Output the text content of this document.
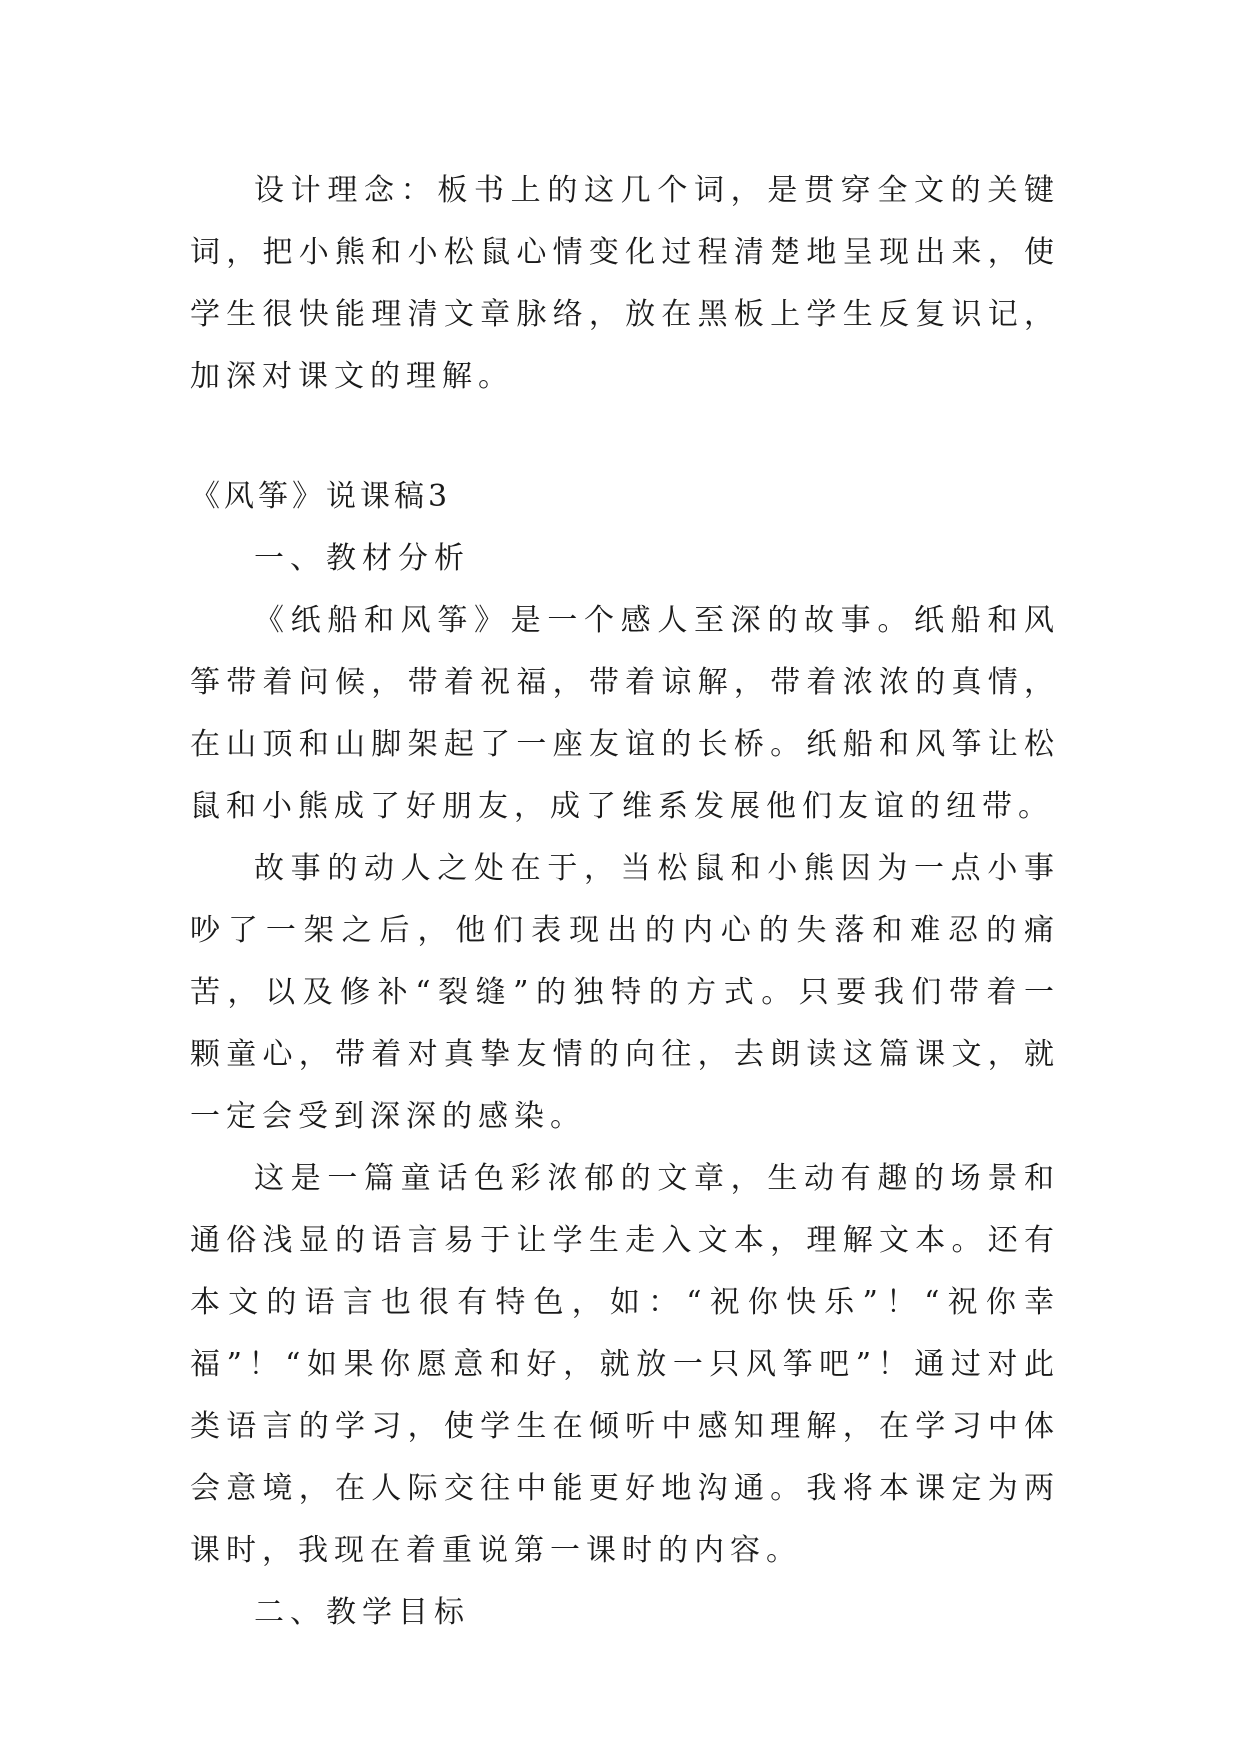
设计理念：板书上的这几个词，是贯穿全文的关键词，把小熊和小松鼠心情变化过程清楚地呈现出来，使学生很快能理清文章脉络，放在黑板上学生反复识记，加深对课文的理解。

《风筝》说课稿3

一、教材分析

《纸船和风筝》是一个感人至深的故事。纸船和风筝带着问候，带着祝福，带着谅解，带着浓浓的真情，在山顶和山脚架起了一座友谊的长桥。纸船和风筝让松鼠和小熊成了好朋友，成了维系发展他们友谊的纽带。

故事的动人之处在于，当松鼠和小熊因为一点小事吵了一架之后，他们表现出的内心的失落和难忍的痛苦，以及修补“裂缝”的独特的方式。只要我们带着一颗童心，带着对真挚友情的向往，去朗读这篇课文，就一定会受到深深的感染。

这是一篇童话色彩浓郁的文章，生动有趣的场景和通俗浅显的语言易于让学生走入文本，理解文本。还有本文的语言也很有特色，如：“祝你快乐”！“祝你幸福”！“如果你愿意和好，就放一只风筝吧”！通过对此类语言的学习，使学生在倾听中感知理解，在学习中体会意境，在人际交往中能更好地沟通。我将本课定为两课时，我现在着重说第一课时的内容。

二、教学目标
